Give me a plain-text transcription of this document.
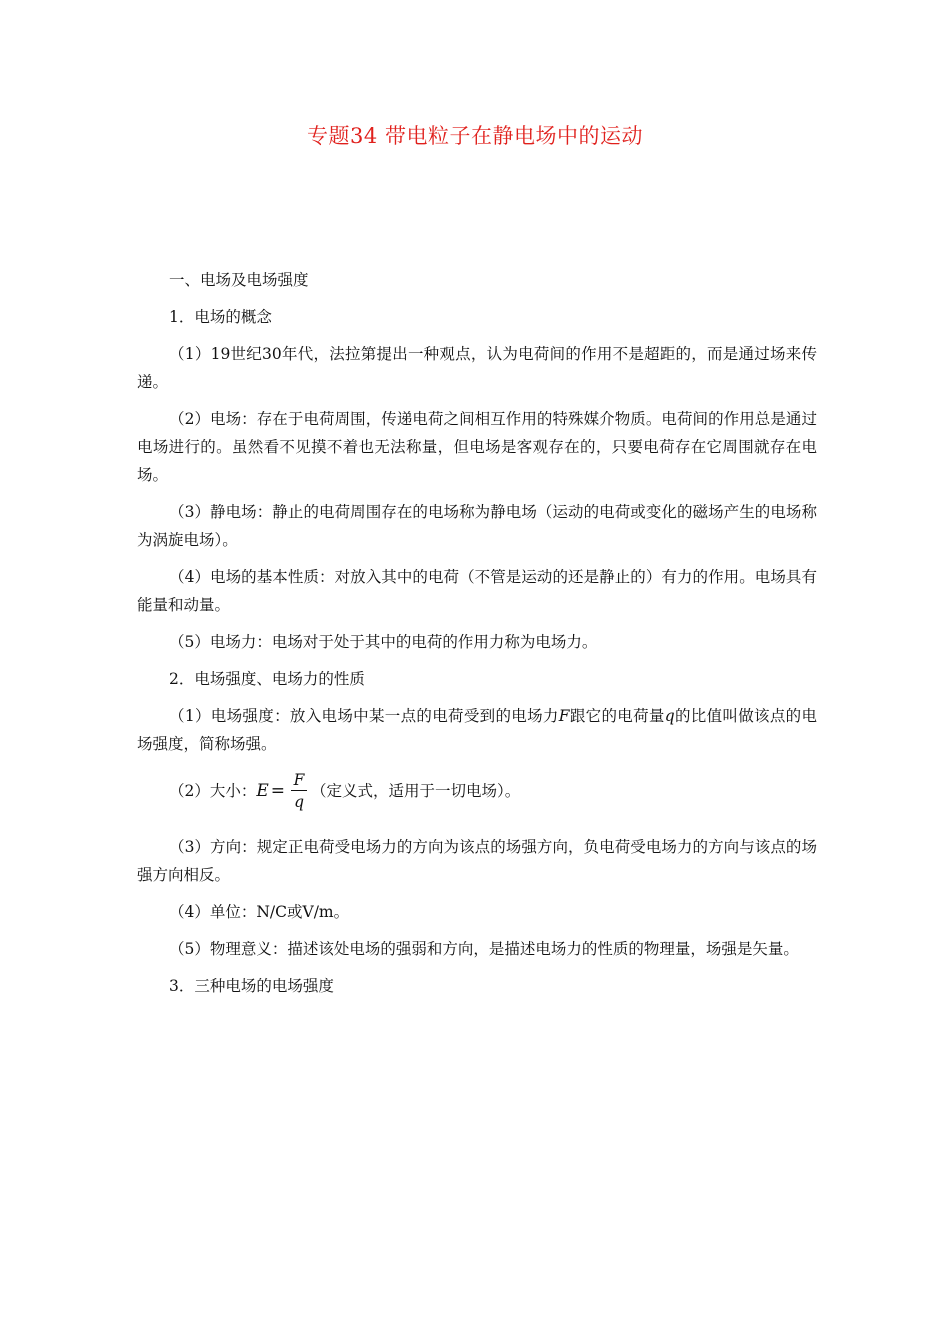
专题34 带电粒子在静电场中的运动

一、电场及电场强度

1．电场的概念

（1）19世纪30年代，法拉第提出一种观点，认为电荷间的作用不是超距的，而是通过场来传递。

（2）电场：存在于电荷周围，传递电荷之间相互作用的特殊媒介物质。电荷间的作用总是通过电场进行的。虽然看不见摸不着也无法称量，但电场是客观存在的，只要电荷存在它周围就存在电场。

（3）静电场：静止的电荷周围存在的电场称为静电场（运动的电荷或变化的磁场产生的电场称为涡旋电场）。

（4）电场的基本性质：对放入其中的电荷（不管是运动的还是静止的）有力的作用。电场具有能量和动量。

（5）电场力：电场对于处于其中的电荷的作用力称为电场力。

2．电场强度、电场力的性质

（1）电场强度：放入电场中某一点的电荷受到的电场力F跟它的电荷量q的比值叫做该点的电场强度，简称场强。

（2）大小： $E = \frac{F}{q}$ （定义式，适用于一切电场）。

（3）方向：规定正电荷受电场力的方向为该点的场强方向，负电荷受电场力的方向与该点的场强方向相反。

（4）单位：N/C或V/m。

（5）物理意义：描述该处电场的强弱和方向，是描述电场力的性质的物理量，场强是矢量。

3．三种电场的电场强度
